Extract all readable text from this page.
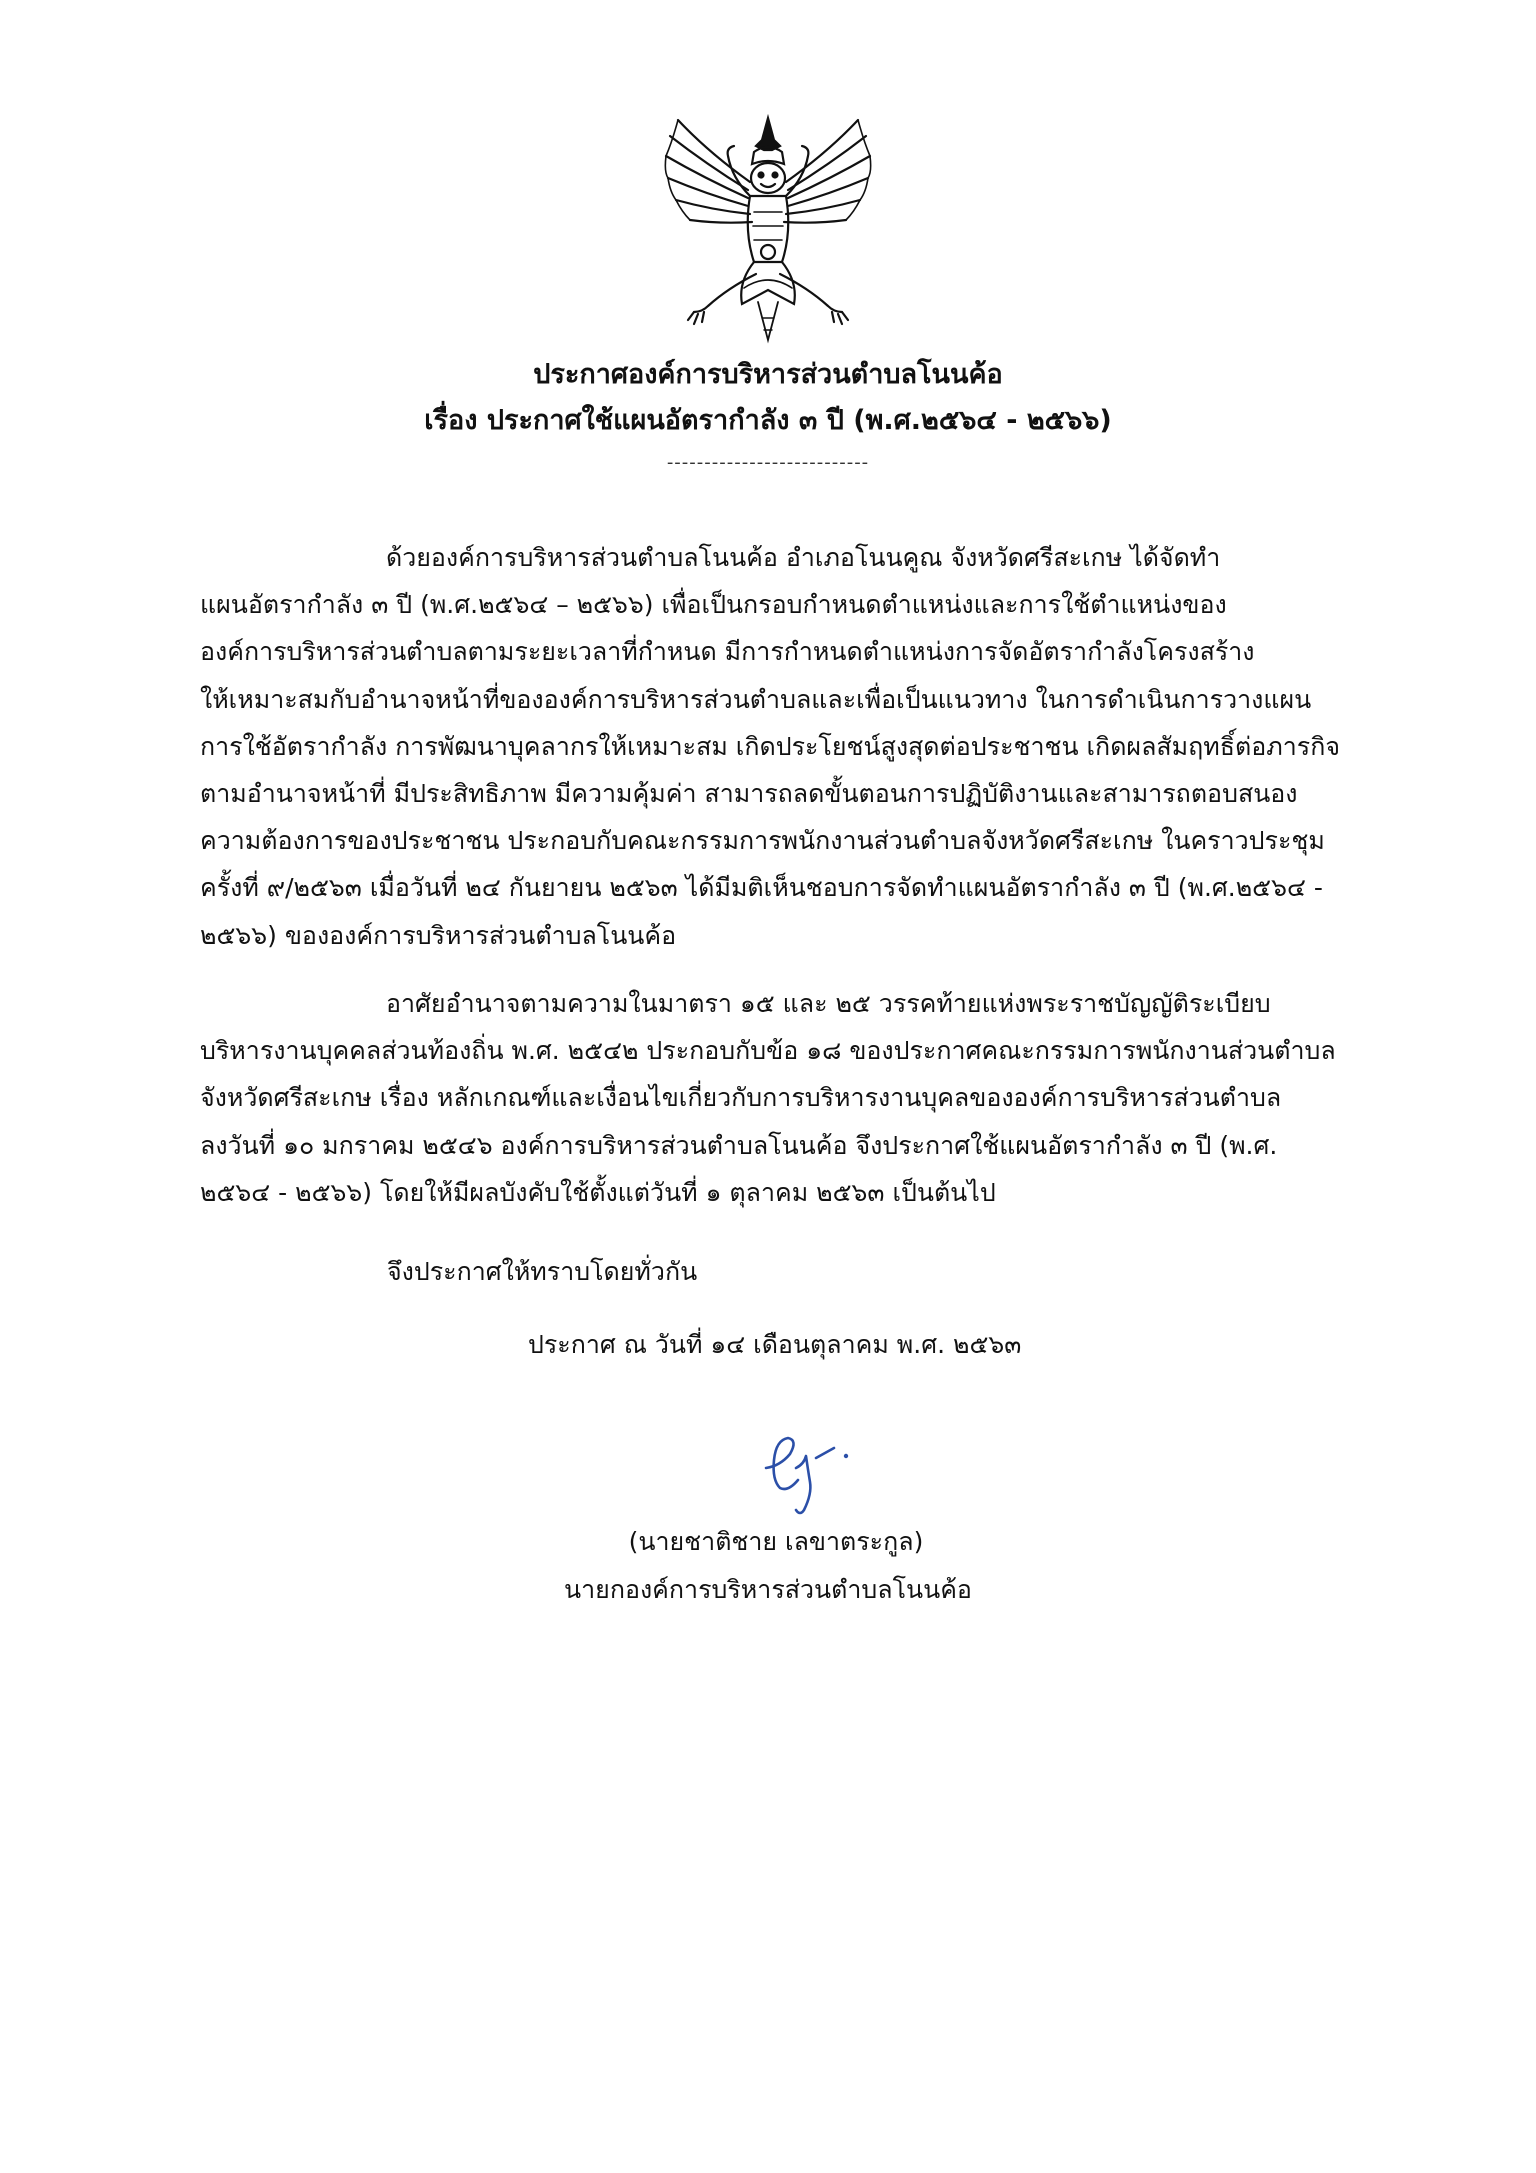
ประกาศองค์การบริหารส่วนตำบลโนนค้อ
เรื่อง ประกาศใช้แผนอัตรากำลัง ๓ ปี (พ.ศ.๒๕๖๔ - ๒๕๖๖)
---------------------------
ด้วยองค์การบริหารส่วนตำบลโนนค้อ อำเภอโนนคูณ จังหวัดศรีสะเกษ ได้จัดทำ
แผนอัตรากำลัง ๓ ปี (พ.ศ.๒๕๖๔ – ๒๕๖๖) เพื่อเป็นกรอบกำหนดตำแหน่งและการใช้ตำแหน่งของ
องค์การบริหารส่วนตำบลตามระยะเวลาที่กำหนด มีการกำหนดตำแหน่งการจัดอัตรากำลังโครงสร้าง
ให้เหมาะสมกับอำนาจหน้าที่ขององค์การบริหารส่วนตำบลและเพื่อเป็นแนวทาง ในการดำเนินการวางแผน
การใช้อัตรากำลัง การพัฒนาบุคลากรให้เหมาะสม เกิดประโยชน์สูงสุดต่อประชาชน เกิดผลสัมฤทธิ์ต่อภารกิจ
ตามอำนาจหน้าที่ มีประสิทธิภาพ มีความคุ้มค่า สามารถลดขั้นตอนการปฏิบัติงานและสามารถตอบสนอง
ความต้องการของประชาชน ประกอบกับคณะกรรมการพนักงานส่วนตำบลจังหวัดศรีสะเกษ ในคราวประชุม
ครั้งที่ ๙/๒๕๖๓ เมื่อวันที่ ๒๔ กันยายน ๒๕๖๓ ได้มีมติเห็นชอบการจัดทำแผนอัตรากำลัง ๓ ปี (พ.ศ.๒๕๖๔ -
๒๕๖๖) ขององค์การบริหารส่วนตำบลโนนค้อ
อาศัยอำนาจตามความในมาตรา ๑๕ และ ๒๕ วรรคท้ายแห่งพระราชบัญญัติระเบียบ
บริหารงานบุคคลส่วนท้องถิ่น พ.ศ. ๒๕๔๒ ประกอบกับข้อ ๑๘ ของประกาศคณะกรรมการพนักงานส่วนตำบล
จังหวัดศรีสะเกษ เรื่อง หลักเกณฑ์และเงื่อนไขเกี่ยวกับการบริหารงานบุคลขององค์การบริหารส่วนตำบล
ลงวันที่ ๑๐ มกราคม ๒๕๔๖ องค์การบริหารส่วนตำบลโนนค้อ จึงประกาศใช้แผนอัตรากำลัง ๓ ปี (พ.ศ.
๒๕๖๔ - ๒๕๖๖) โดยให้มีผลบังคับใช้ตั้งแต่วันที่ ๑ ตุลาคม ๒๕๖๓ เป็นต้นไป
จึงประกาศให้ทราบโดยทั่วกัน
ประกาศ ณ วันที่ ๑๔ เดือนตุลาคม พ.ศ. ๒๕๖๓
(นายชาติชาย เลขาตระกูล)
นายกองค์การบริหารส่วนตำบลโนนค้อ
